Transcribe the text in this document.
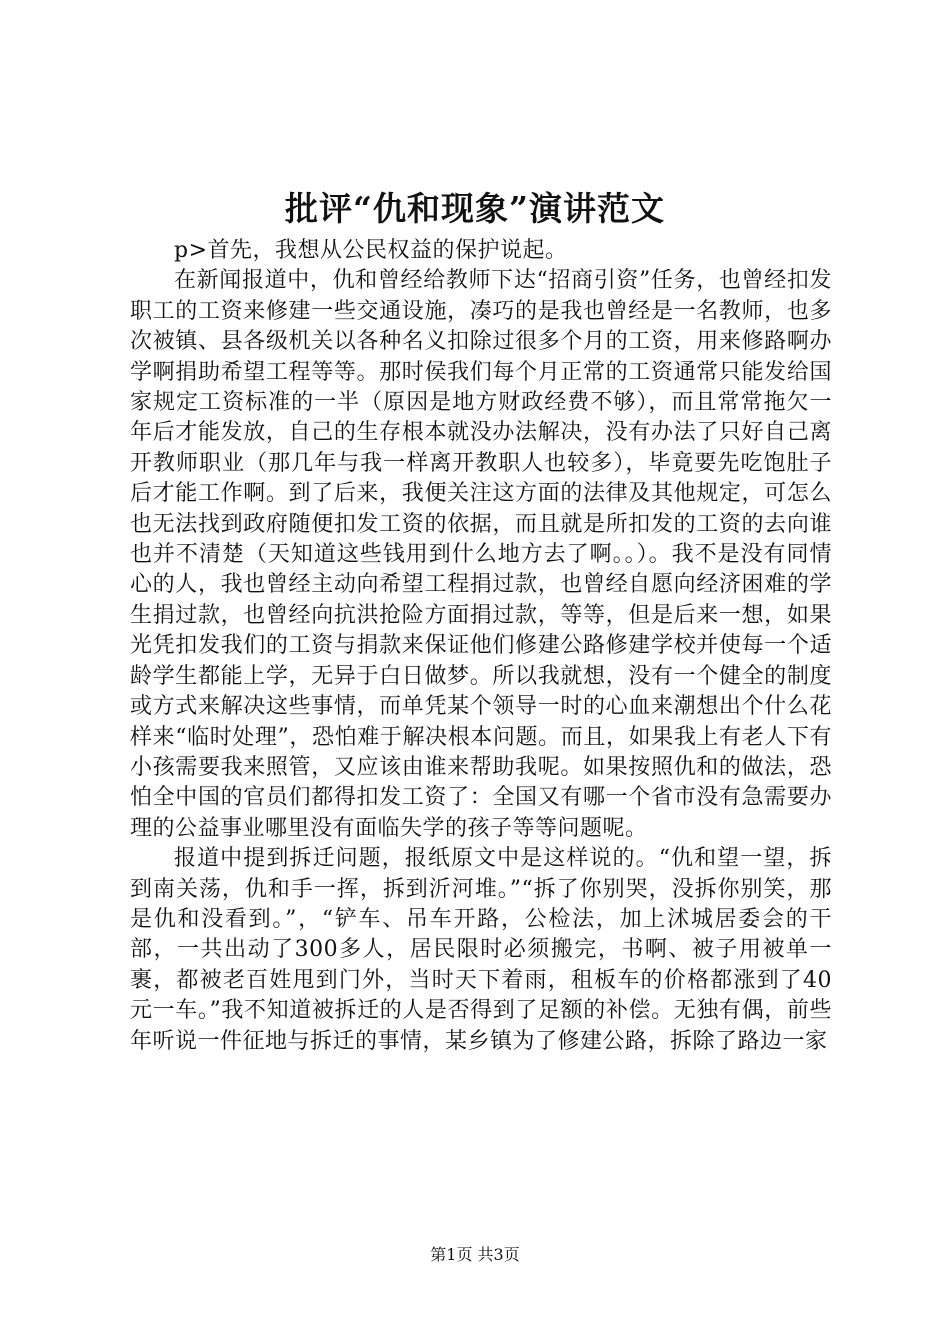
批评“仇和现象”演讲范文

p>首先，我想从公民权益的保护说起。

在新闻报道中，仇和曾经给教师下达“招商引资”任务，也曾经扣发职工的工资来修建一些交通设施，凑巧的是我也曾经是一名教师，也多次被镇、县各级机关以各种名义扣除过很多个月的工资，用来修路啊办学啊捐助希望工程等等。那时侯我们每个月正常的工资通常只能发给国家规定工资标准的一半（原因是地方财政经费不够），而且常常拖欠一年后才能发放，自己的生存根本就没办法解决，没有办法了只好自己离开教师职业（那几年与我一样离开教职人也较多），毕竟要先吃饱肚子后才能工作啊。到了后来，我便关注这方面的法律及其他规定，可怎么也无法找到政府随便扣发工资的依据，而且就是所扣发的工资的去向谁也并不清楚（天知道这些钱用到什么地方去了啊。。）。我不是没有同情心的人，我也曾经主动向希望工程捐过款，也曾经自愿向经济困难的学生捐过款，也曾经向抗洪抢险方面捐过款，等等，但是后来一想，如果光凭扣发我们的工资与捐款来保证他们修建公路修建学校并使每一个适龄学生都能上学，无异于白日做梦。所以我就想，没有一个健全的制度或方式来解决这些事情，而单凭某个领导一时的心血来潮想出个什么花样来“临时处理”，恐怕难于解决根本问题。而且，如果我上有老人下有小孩需要我来照管，又应该由谁来帮助我呢。如果按照仇和的做法，恐怕全中国的官员们都得扣发工资了：全国又有哪一个省市没有急需要办理的公益事业哪里没有面临失学的孩子等等问题呢。

报道中提到拆迁问题，报纸原文中是这样说的。“仇和望一望，拆到南关荡，仇和手一挥，拆到沂河堆。”“拆了你别哭，没拆你别笑，那是仇和没看到。”，“铲车、吊车开路，公检法，加上沭城居委会的干部，一共出动了300多人，居民限时必须搬完，书啊、被子用被单一裹，都被老百姓甩到门外，当时天下着雨，租板车的价格都涨到了40元一车。”我不知道被拆迁的人是否得到了足额的补偿。无独有偶，前些年听说一件征地与拆迁的事情，某乡镇为了修建公路，拆除了路边一家

第1页 共3页
